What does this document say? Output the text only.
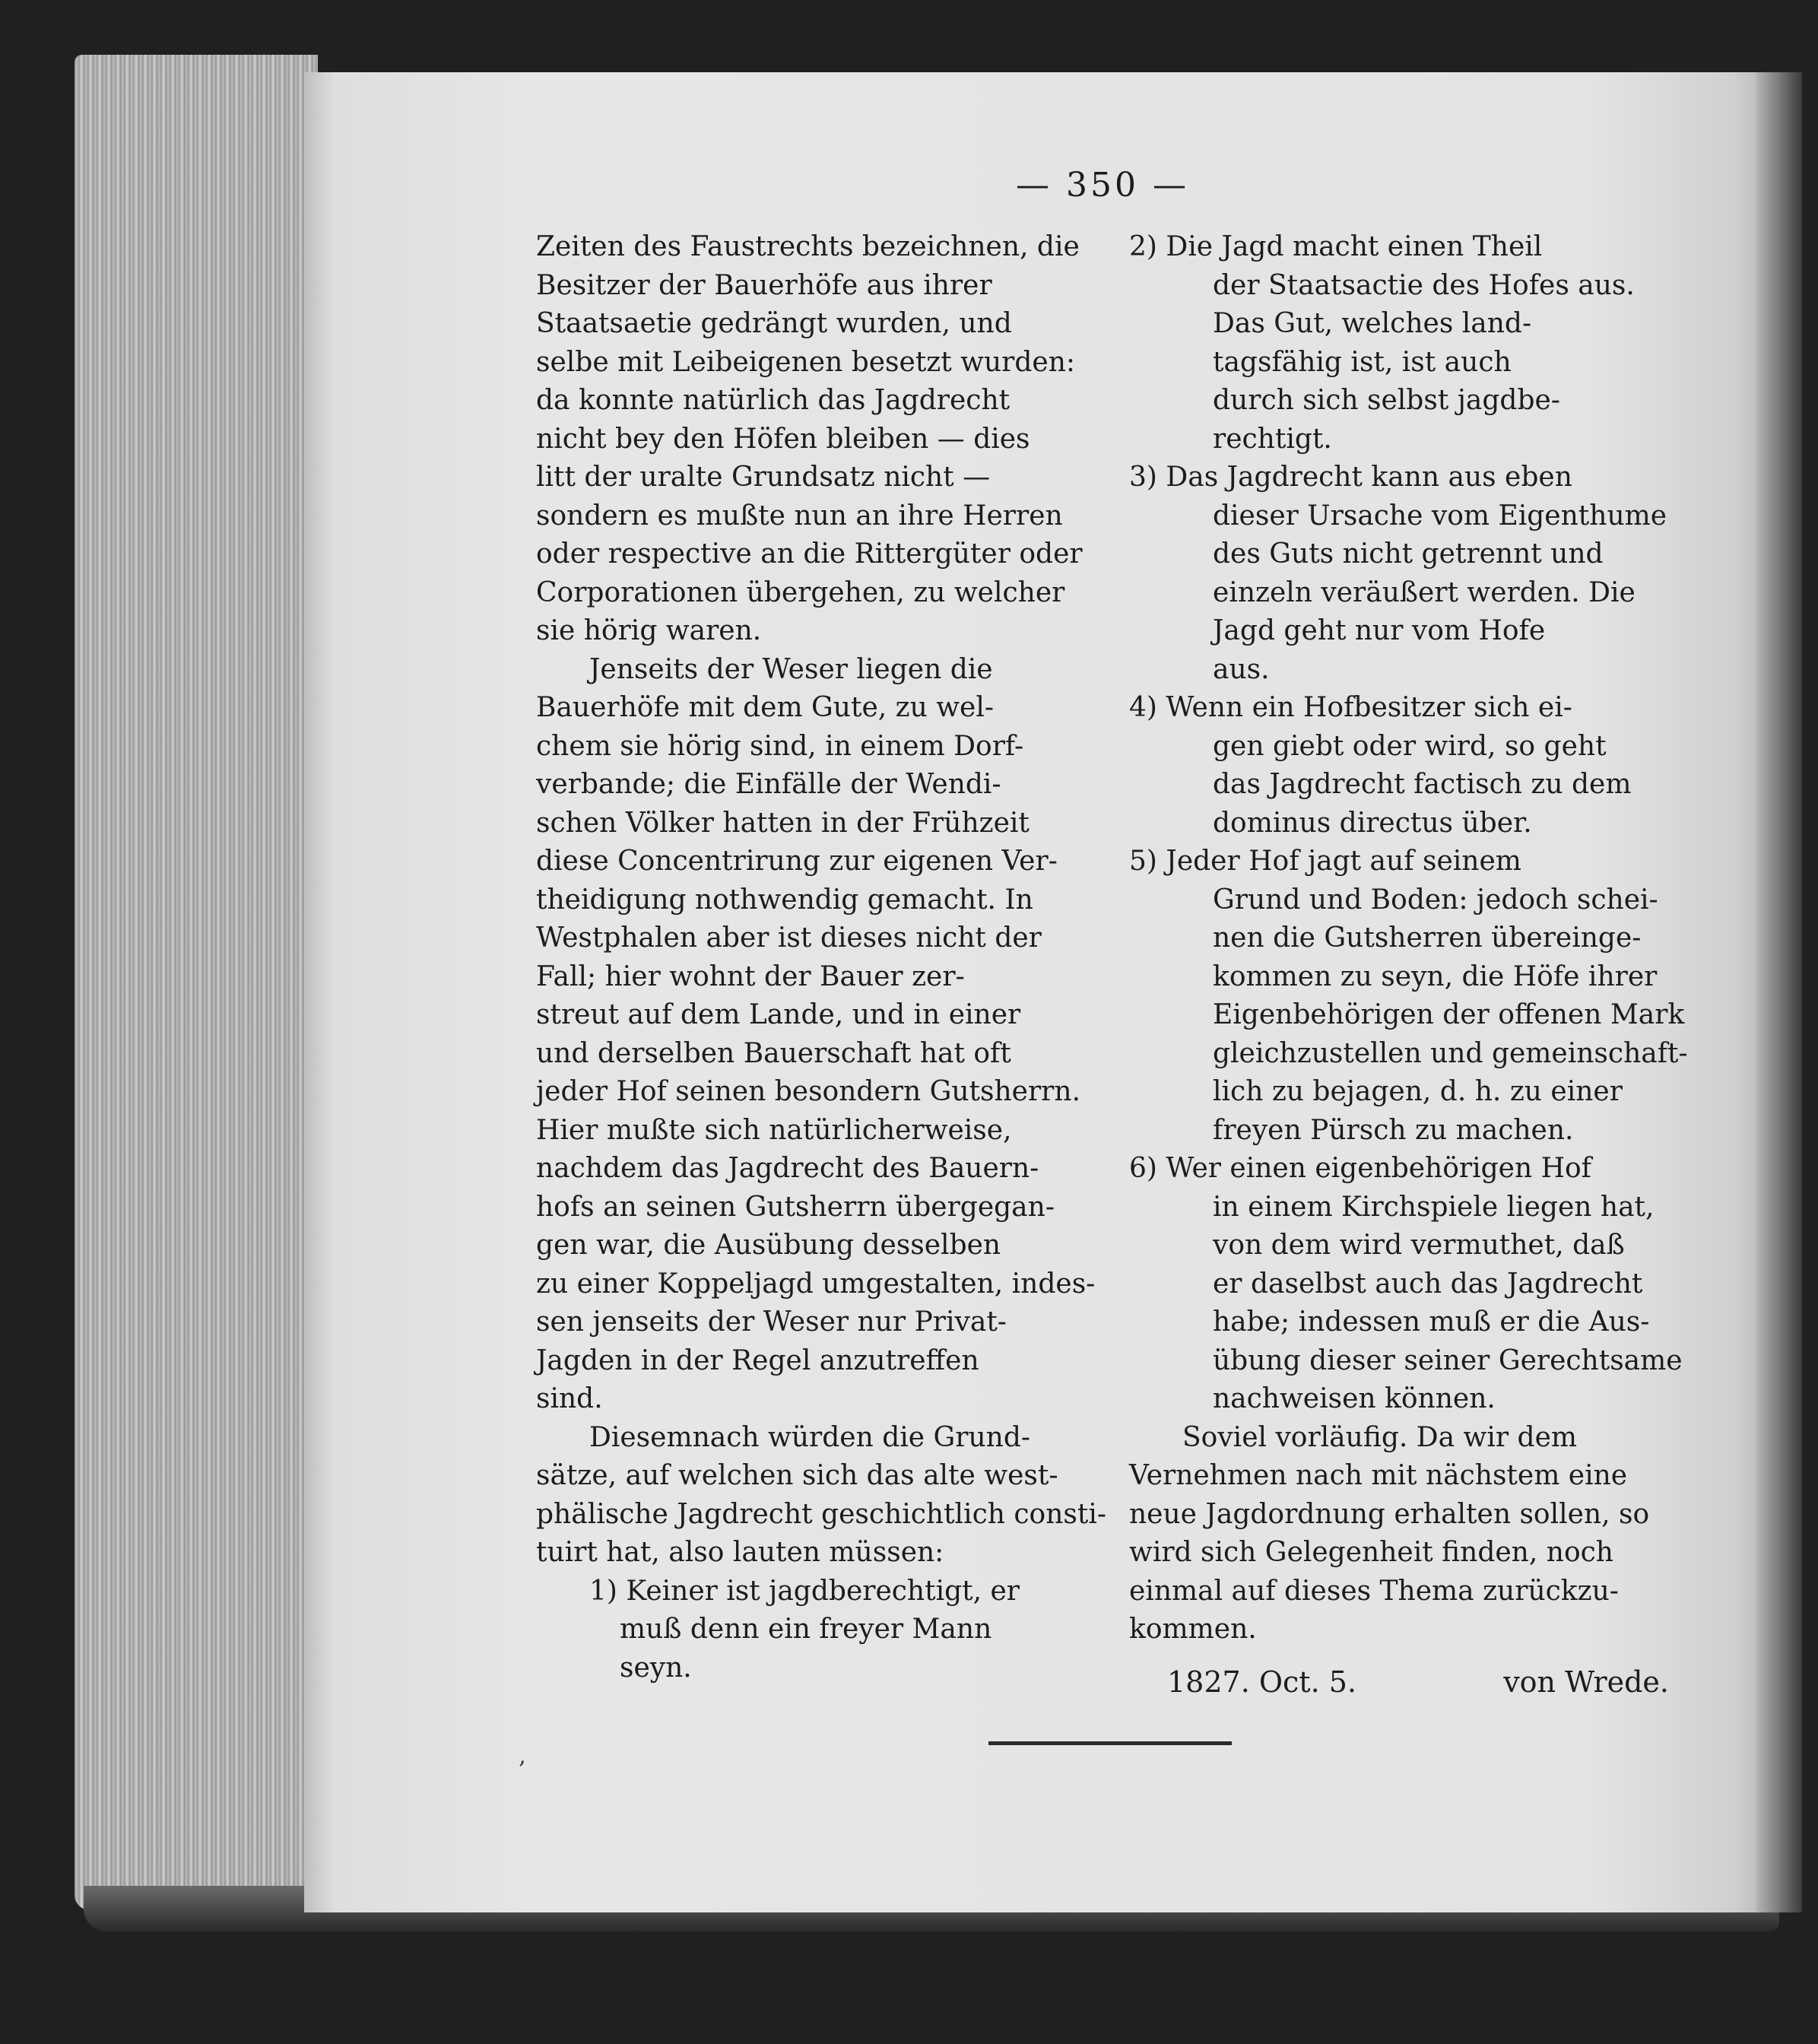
— 350 —
Zeiten des Faustrechts bezeichnen, die
Besitzer der Bauerhöfe aus ihrer
Staatsaetie gedrängt wurden, und
selbe mit Leibeigenen besetzt wurden:
da konnte natürlich das Jagdrecht
nicht bey den Höfen bleiben — dies
litt der uralte Grundsatz nicht —
sondern es mußte nun an ihre Herren
oder respective an die Rittergüter oder
Corporationen übergehen, zu welcher
sie hörig waren.
Jenseits der Weser liegen die
Bauerhöfe mit dem Gute, zu wel-
chem sie hörig sind, in einem Dorf-
verbande; die Einfälle der Wendi-
schen Völker hatten in der Frühzeit
diese Concentrirung zur eigenen Ver-
theidigung nothwendig gemacht. In
Westphalen aber ist dieses nicht der
Fall; hier wohnt der Bauer zer-
streut auf dem Lande, und in einer
und derselben Bauerschaft hat oft
jeder Hof seinen besondern Gutsherrn.
Hier mußte sich natürlicherweise,
nachdem das Jagdrecht des Bauern-
hofs an seinen Gutsherrn übergegan-
gen war, die Ausübung desselben
zu einer Koppeljagd umgestalten, indes-
sen jenseits der Weser nur Privat-
Jagden in der Regel anzutreffen
sind.
Diesemnach würden die Grund-
sätze, auf welchen sich das alte west-
phälische Jagdrecht geschichtlich consti-
tuirt hat, also lauten müssen:
1) Keiner ist jagdberechtigt, er
muß denn ein freyer Mann
seyn.
2) Die Jagd macht einen Theil
der Staatsactie des Hofes aus.
Das Gut, welches land-
tagsfähig ist, ist auch
durch sich selbst jagdbe-
rechtigt.
3) Das Jagdrecht kann aus eben
dieser Ursache vom Eigenthume
des Guts nicht getrennt und
einzeln veräußert werden. Die
Jagd geht nur vom Hofe
aus.
4) Wenn ein Hofbesitzer sich ei-
gen giebt oder wird, so geht
das Jagdrecht factisch zu dem
dominus directus über.
5) Jeder Hof jagt auf seinem
Grund und Boden: jedoch schei-
nen die Gutsherren übereinge-
kommen zu seyn, die Höfe ihrer
Eigenbehörigen der offenen Mark
gleichzustellen und gemeinschaft-
lich zu bejagen, d. h. zu einer
freyen Pürsch zu machen.
6) Wer einen eigenbehörigen Hof
in einem Kirchspiele liegen hat,
von dem wird vermuthet, daß
er daselbst auch das Jagdrecht
habe; indessen muß er die Aus-
übung dieser seiner Gerechtsame
nachweisen können.
Soviel vorläufig. Da wir dem
Vernehmen nach mit nächstem eine
neue Jagdordnung erhalten sollen, so
wird sich Gelegenheit finden, noch
einmal auf dieses Thema zurückzu-
kommen.
1827. Oct. 5.	von Wrede.
‚
